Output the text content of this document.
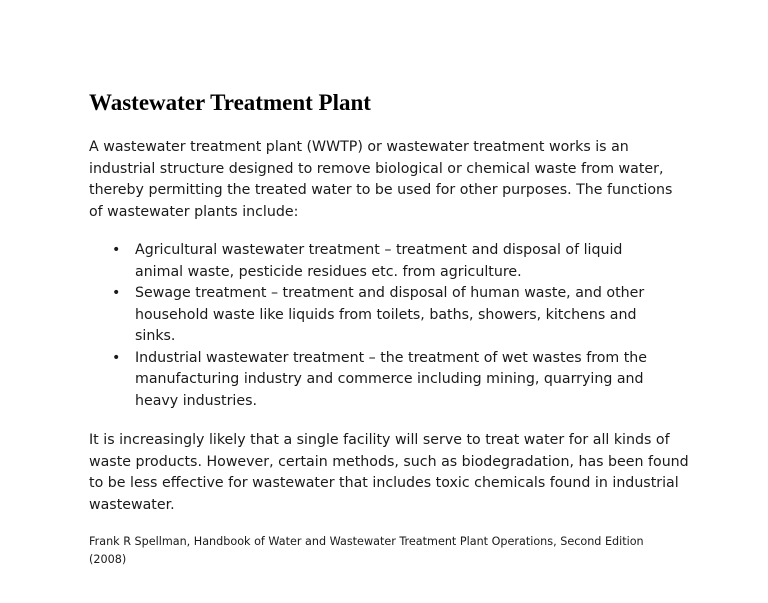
Wastewater Treatment Plant

A wastewater treatment plant (WWTP) or wastewater treatment works is an industrial structure designed to remove biological or chemical waste from water, thereby permitting the treated water to be used for other purposes. The functions of wastewater plants include:

• Agricultural wastewater treatment – treatment and disposal of liquid
animal waste, pesticide residues etc. from agriculture.
• Sewage treatment – treatment and disposal of human waste, and other
household waste like liquids from toilets, baths, showers, kitchens and
sinks.
• Industrial wastewater treatment – the treatment of wet wastes from the
manufacturing industry and commerce including mining, quarrying and
heavy industries.

It is increasingly likely that a single facility will serve to treat water for all kinds of waste products. However, certain methods, such as biodegradation, has been found to be less effective for wastewater that includes toxic chemicals found in industrial wastewater.

Frank R Spellman, Handbook of Water and Wastewater Treatment Plant Operations, Second Edition
(2008)
